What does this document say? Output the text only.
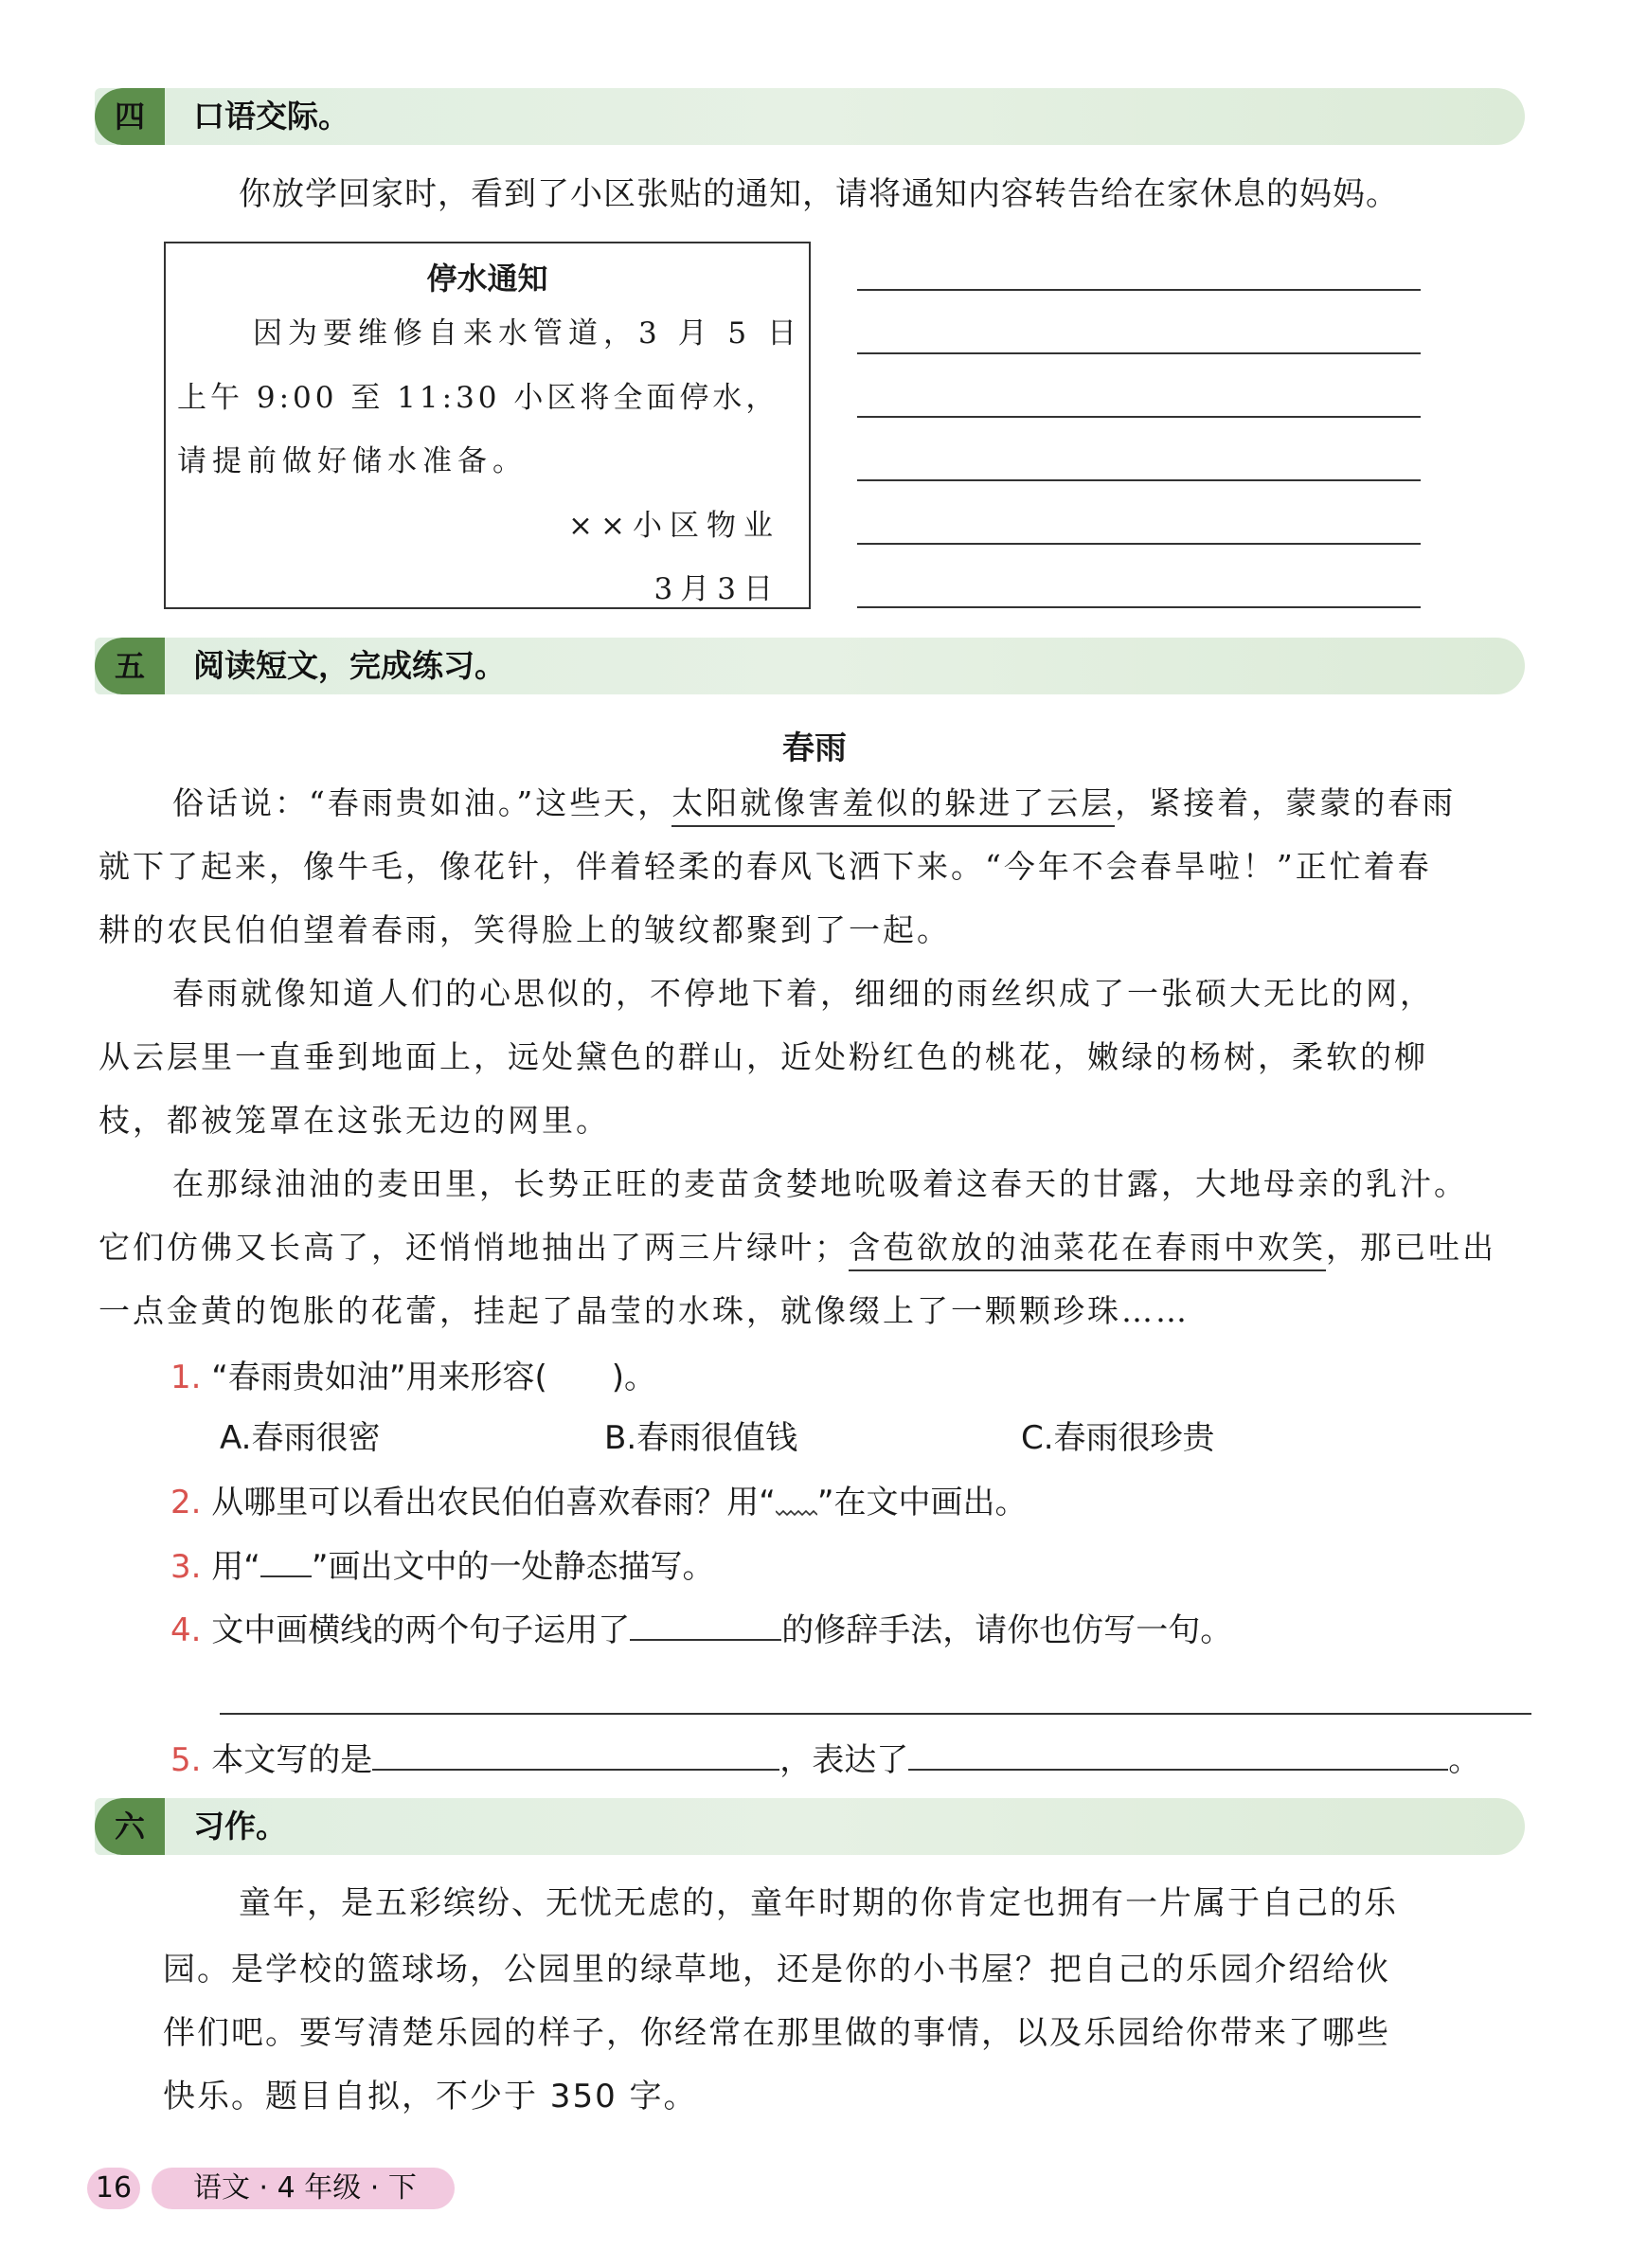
四	口语交际。
你放学回家时，看到了小区张贴的通知，请将通知内容转告给在家休息的妈妈。
停水通知
因为要维修自来水管道，3 月 5 日
上午 9:00 至 11:30 小区将全面停水，
请提前做好储水准备。
××小区物业
3月3日
五	阅读短文，完成练习。
春雨
俗话说：“春雨贵如油。”这些天，太阳就像害羞似的躲进了云层，紧接着，蒙蒙的春雨
就下了起来，像牛毛，像花针，伴着轻柔的春风飞洒下来。“今年不会春旱啦！”正忙着春
耕的农民伯伯望着春雨，笑得脸上的皱纹都聚到了一起。
春雨就像知道人们的心思似的，不停地下着，细细的雨丝织成了一张硕大无比的网，
从云层里一直垂到地面上，远处黛色的群山，近处粉红色的桃花，嫩绿的杨树，柔软的柳
枝，都被笼罩在这张无边的网里。
在那绿油油的麦田里，长势正旺的麦苗贪婪地吮吸着这春天的甘露，大地母亲的乳汁。
它们仿佛又长高了，还悄悄地抽出了两三片绿叶；含苞欲放的油菜花在春雨中欢笑，那已吐出
一点金黄的饱胀的花蕾，挂起了晶莹的水珠，就像缀上了一颗颗珍珠……
1. “春雨贵如油”用来形容(　　)。
A.春雨很密	B.春雨很值钱	C.春雨很珍贵
2. 从哪里可以看出农民伯伯喜欢春雨？用“ ”在文中画出。
3. 用“ ”画出文中的一处静态描写。
4. 文中画横线的两个句子运用了	的修辞手法，请你也仿写一句。
5. 本文写的是	，表达了	。
六	习作。
童年，是五彩缤纷、无忧无虑的，童年时期的你肯定也拥有一片属于自己的乐
园。是学校的篮球场，公园里的绿草地，还是你的小书屋？把自己的乐园介绍给伙
伴们吧。要写清楚乐园的样子，你经常在那里做的事情，以及乐园给你带来了哪些
快乐。题目自拟，不少于 350 字。
16	语文 · 4 年级 · 下
